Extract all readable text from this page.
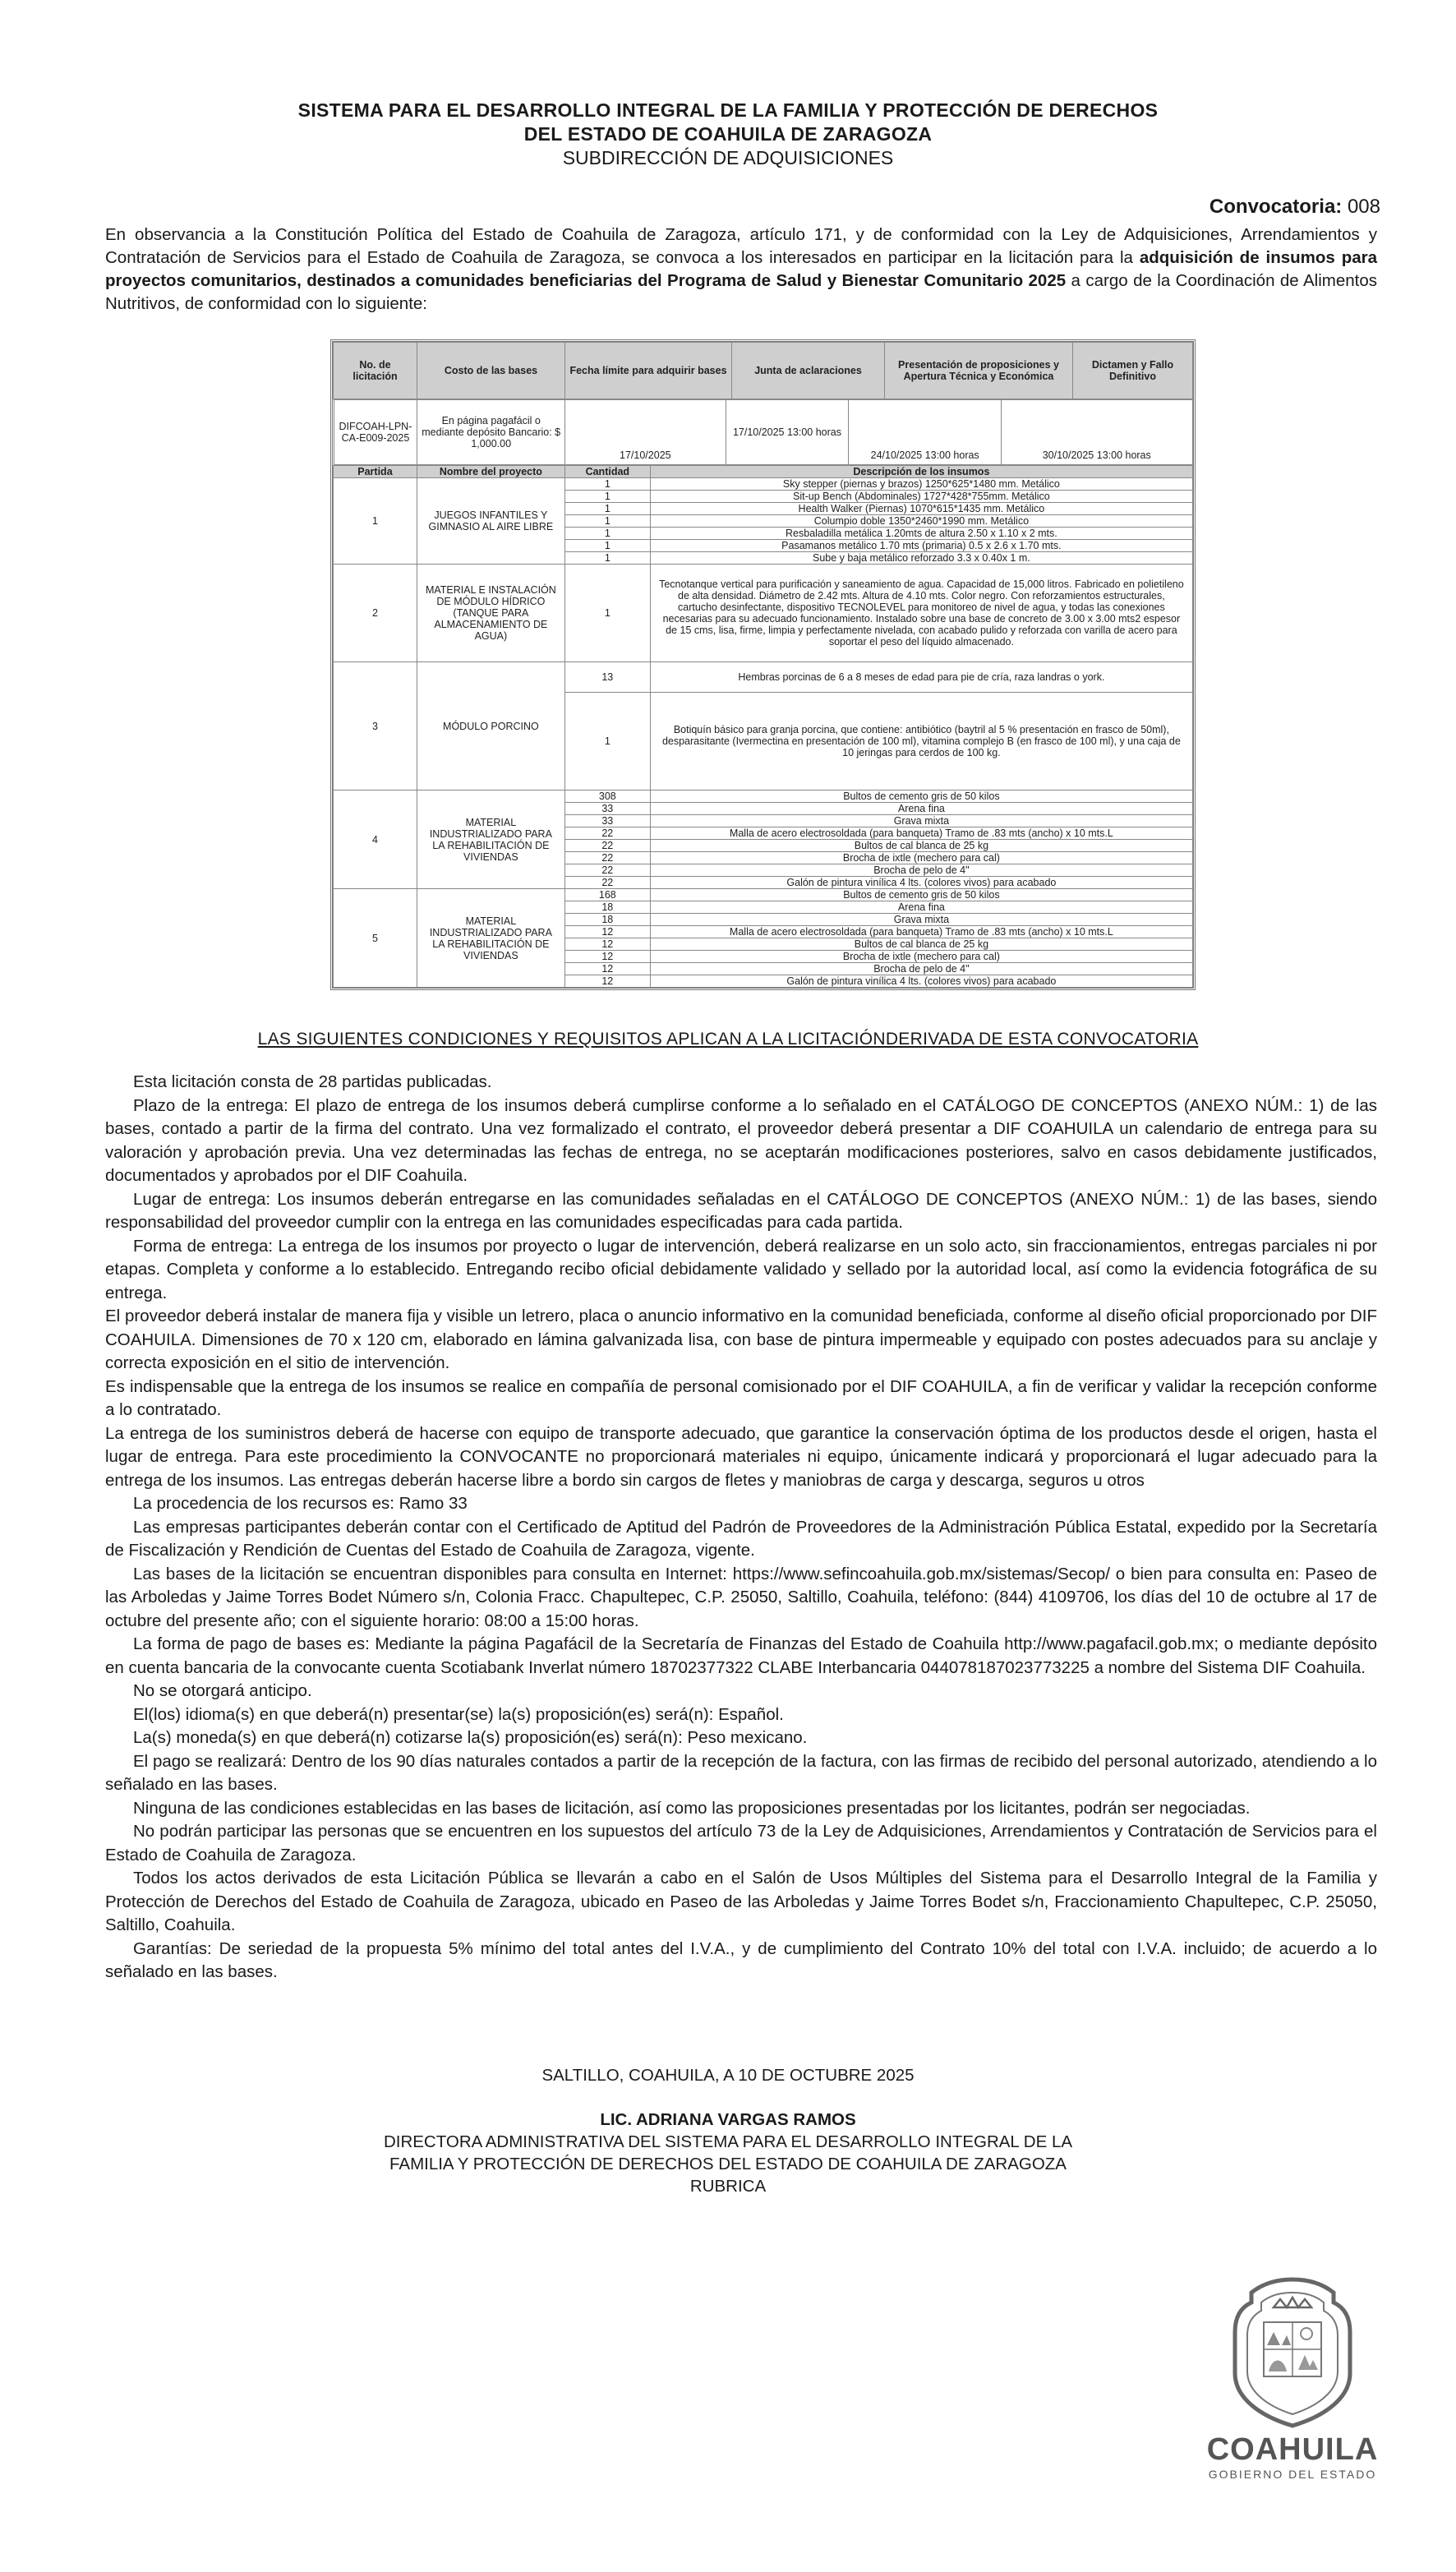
SISTEMA PARA EL DESARROLLO INTEGRAL DE LA FAMILIA Y PROTECCIÓN DE DERECHOS
DEL ESTADO DE COAHUILA DE ZARAGOZA
SUBDIRECCIÓN DE ADQUISICIONES
Convocatoria: 008
En observancia a la Constitución Política del Estado de Coahuila de Zaragoza, artículo 171, y de conformidad con la Ley de Adquisiciones, Arrendamientos y Contratación de Servicios para el Estado de Coahuila de Zaragoza, se convoca a los interesados en participar en la licitación para la adquisición de insumos para proyectos comunitarios, destinados a comunidades beneficiarias del Programa de Salud y Bienestar Comunitario 2025 a cargo de la Coordinación de Alimentos Nutritivos, de conformidad con lo siguiente:
No. de licitación	Costo de las bases	Fecha límite para adquirir bases	Junta de aclaraciones	Presentación de proposiciones y Apertura Técnica y Económica	Dictamen y Fallo Definitivo
DIFCOAH-LPN-CA-E009-2025	En página pagafácil o mediante depósito Bancario: $ 1,000.00	17/10/2025	17/10/2025 13:00 horas	24/10/2025 13:00 horas	30/10/2025 13:00 horas

Partida	Nombre del proyecto	Cantidad	Descripción de los insumos
1	JUEGOS INFANTILES Y GIMNASIO AL AIRE LIBRE	1	Sky stepper (piernas y brazos) 1250*625*1480 mm. Metálico
1	Sit-up Bench (Abdominales) 1727*428*755mm. Metálico
1	Health Walker (Piernas) 1070*615*1435 mm. Metálico
1	Columpio doble 1350*2460*1990 mm. Metálico
1	Resbaladilla metálica 1.20mts de altura 2.50 x 1.10 x 2 mts.
1	Pasamanos metálico 1.70 mts (primaria) 0.5 x 2.6 x 1.70 mts.
1	Sube y baja metálico reforzado 3.3 x 0.40x 1 m.
2	MATERIAL E INSTALACIÓN DE MÓDULO HÍDRICO (TANQUE PARA ALMACENAMIENTO DE AGUA)	1	Tecnotanque vertical para purificación y saneamiento de agua. Capacidad de 15,000 litros. Fabricado en polietileno de alta densidad. Diámetro de 2.42 mts. Altura de 4.10 mts. Color negro. Con reforzamientos estructurales, cartucho desinfectante, dispositivo TECNOLEVEL para monitoreo de nivel de agua, y todas las conexiones necesarias para su adecuado funcionamiento. Instalado sobre una base de concreto de 3.00 x 3.00 mts2 espesor de 15 cms, lisa, firme, limpia y perfectamente nivelada, con acabado pulido y reforzada con varilla de acero para soportar el peso del líquido almacenado.
3	MÓDULO PORCINO	13	Hembras porcinas de 6 a 8 meses de edad para pie de cría, raza landras o york.
1	Botiquín básico para granja porcina, que contiene: antibiótico (baytril al 5 % presentación en frasco de 50ml), desparasitante (Ivermectina en presentación de 100 ml), vitamina complejo B (en frasco de 100 ml), y una caja de 10 jeringas para cerdos de 100 kg.
4	MATERIAL INDUSTRIALIZADO PARA LA REHABILITACIÓN DE VIVIENDAS	308	Bultos de cemento gris de 50 kilos
33	Arena fina
33	Grava mixta
22	Malla de acero electrosoldada (para banqueta) Tramo de .83 mts (ancho) x 10 mts.L
22	Bultos de cal blanca de 25 kg
22	Brocha de ixtle (mechero para cal)
22	Brocha de pelo de 4"
22	Galón de pintura vinílica 4 lts. (colores vivos) para acabado
5	MATERIAL INDUSTRIALIZADO PARA LA REHABILITACIÓN DE VIVIENDAS	168	Bultos de cemento gris de 50 kilos
18	Arena fina
18	Grava mixta
12	Malla de acero electrosoldada (para banqueta) Tramo de .83 mts (ancho) x 10 mts.L
12	Bultos de cal blanca de 25 kg
12	Brocha de ixtle (mechero para cal)
12	Brocha de pelo de 4"
12	Galón de pintura vinílica 4 lts. (colores vivos) para acabado
LAS SIGUIENTES CONDICIONES Y REQUISITOS APLICAN A LA LICITACIÓNDERIVADA DE ESTA CONVOCATORIA

Esta licitación consta de 28 partidas publicadas.

Plazo de la entrega: El plazo de entrega de los insumos deberá cumplirse conforme a lo señalado en el CATÁLOGO DE CONCEPTOS (ANEXO NÚM.: 1) de las bases, contado a partir de la firma del contrato. Una vez formalizado el contrato, el proveedor deberá presentar a DIF COAHUILA un calendario de entrega para su valoración y aprobación previa. Una vez determinadas las fechas de entrega, no se aceptarán modificaciones posteriores, salvo en casos debidamente justificados, documentados y aprobados por el DIF Coahuila.

Lugar de entrega: Los insumos deberán entregarse en las comunidades señaladas en el CATÁLOGO DE CONCEPTOS (ANEXO NÚM.: 1) de las bases, siendo responsabilidad del proveedor cumplir con la entrega en las comunidades especificadas para cada partida.

Forma de entrega: La entrega de los insumos por proyecto o lugar de intervención, deberá realizarse en un solo acto, sin fraccionamientos, entregas parciales ni por etapas. Completa y conforme a lo establecido. Entregando recibo oficial debidamente validado y sellado por la autoridad local, así como la evidencia fotográfica de su entrega.

El proveedor deberá instalar de manera fija y visible un letrero, placa o anuncio informativo en la comunidad beneficiada, conforme al diseño oficial proporcionado por DIF COAHUILA. Dimensiones de 70 x 120 cm, elaborado en lámina galvanizada lisa, con base de pintura impermeable y equipado con postes adecuados para su anclaje y correcta exposición en el sitio de intervención.

Es indispensable que la entrega de los insumos se realice en compañía de personal comisionado por el DIF COAHUILA, a fin de verificar y validar la recepción conforme a lo contratado.

La entrega de los suministros deberá de hacerse con equipo de transporte adecuado, que garantice la conservación óptima de los productos desde el origen, hasta el lugar de entrega. Para este procedimiento la CONVOCANTE no proporcionará materiales ni equipo, únicamente indicará y proporcionará el lugar adecuado para la entrega de los insumos. Las entregas deberán hacerse libre a bordo sin cargos de fletes y maniobras de carga y descarga, seguros u otros

La procedencia de los recursos es: Ramo 33

Las empresas participantes deberán contar con el Certificado de Aptitud del Padrón de Proveedores de la Administración Pública Estatal, expedido por la Secretaría de Fiscalización y Rendición de Cuentas del Estado de Coahuila de Zaragoza, vigente.

Las bases de la licitación se encuentran disponibles para consulta en Internet: https://www.sefincoahuila.gob.mx/sistemas/Secop/ o bien para consulta en: Paseo de las Arboledas y Jaime Torres Bodet Número s/n, Colonia Fracc. Chapultepec, C.P. 25050, Saltillo, Coahuila, teléfono: (844) 4109706, los días del 10 de octubre al 17 de octubre del presente año; con el siguiente horario: 08:00 a 15:00 horas.

La forma de pago de bases es: Mediante la página Pagafácil de la Secretaría de Finanzas del Estado de Coahuila http://www.pagafacil.gob.mx; o mediante depósito en cuenta bancaria de la convocante cuenta Scotiabank Inverlat número 18702377322 CLABE Interbancaria 044078187023773225 a nombre del Sistema DIF Coahuila.

No se otorgará anticipo.

El(los) idioma(s) en que deberá(n) presentar(se) la(s) proposición(es) será(n): Español.

La(s) moneda(s) en que deberá(n) cotizarse la(s) proposición(es) será(n): Peso mexicano.

El pago se realizará: Dentro de los 90 días naturales contados a partir de la recepción de la factura, con las firmas de recibido del personal autorizado, atendiendo a lo señalado en las bases.

Ninguna de las condiciones establecidas en las bases de licitación, así como las proposiciones presentadas por los licitantes, podrán ser negociadas.

No podrán participar las personas que se encuentren en los supuestos del artículo 73 de la Ley de Adquisiciones, Arrendamientos y Contratación de Servicios para el Estado de Coahuila de Zaragoza.

Todos los actos derivados de esta Licitación Pública se llevarán a cabo en el Salón de Usos Múltiples del Sistema para el Desarrollo Integral de la Familia y Protección de Derechos del Estado de Coahuila de Zaragoza, ubicado en Paseo de las Arboledas y Jaime Torres Bodet s/n, Fraccionamiento Chapultepec, C.P. 25050, Saltillo, Coahuila.

Garantías: De seriedad de la propuesta 5% mínimo del total antes del I.V.A., y de cumplimiento del Contrato 10% del total con I.V.A. incluido; de acuerdo a lo señalado en las bases.

SALTILLO, COAHUILA, A 10 DE OCTUBRE 2025
LIC. ADRIANA VARGAS RAMOS
DIRECTORA ADMINISTRATIVA DEL SISTEMA PARA EL DESARROLLO INTEGRAL DE LA
FAMILIA Y PROTECCIÓN DE DERECHOS DEL ESTADO DE COAHUILA DE ZARAGOZA
RUBRICA
COAHUILA
GOBIERNO DEL ESTADO
